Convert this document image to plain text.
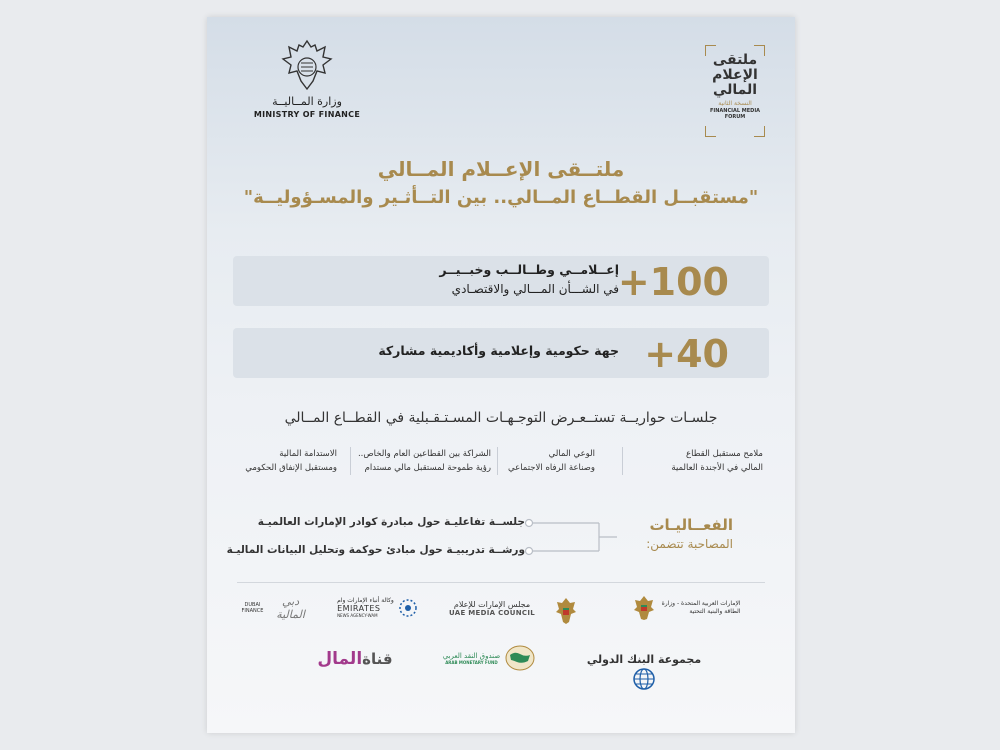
وزارة المــاليــة
MINISTRY OF FINANCE
ملتقى الإعلام المالي
النسخة الثانية
FINANCIAL MEDIA FORUM
ملتــقى الإعــلام المــالي
"مستقبــل القطــاع المــالي.. بين التــأثـير والمسـؤوليــة"
+100
إعــلامــي وطــالــب وخبــيــر
في الشـــأن المـــالي والاقتصـادي
+40
جهة حكومية وإعلامية وأكاديمية مشاركة
جلسـات حواريــة تستــعـرض التوجـهـات المسـتـقـبلية في القطــاع المــالي
ملامح مستقبل القطاع
المالي في الأجندة العالمية
الوعي المالي
وصناعة الرفاه الاجتماعي
الشراكة بين القطاعين العام والخاص..
رؤية طموحة لمستقبل مالي مستدام
الاستدامة المالية
ومستقبل الإنفاق الحكومي
الفعــاليـات
المصاحبة تتضمن:
جلســة تفاعليـة حول مبادرة كوادر الإمارات العالميـة
ورشــة تدريبيـة حول مبادئ حوكمة وتحليل البيانات الماليـة
الإمارات العربية المتحدة - وزارة الطاقة والبنية التحتية
مجلس الإمارات للإعلام
UAE MEDIA COUNCIL
وكالة أنباء الإمارات وام
EMIRATES
NEWS AGENCY-WAM

DUBAI FINANCE دبي المالية
مجموعة البنك الدولي
صندوق النقد العربي
ARAB MONETARY FUND

قناةالمال
